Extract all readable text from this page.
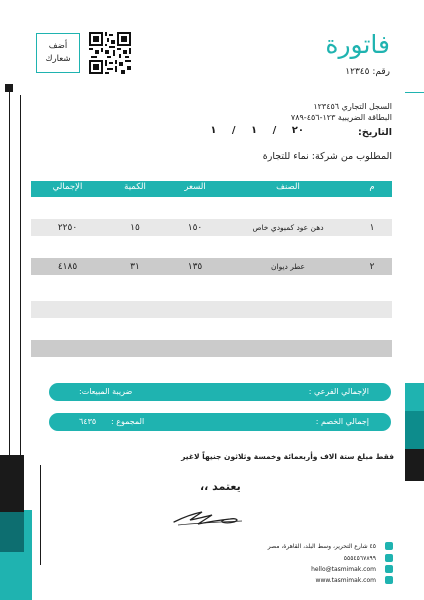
فاتورة
رقم: ١٢٣٤٥
أضف
شعارك
السجل التجاري ١٢٣٤٥٦
البطاقة الضريبية ١٢٣-٤٥٦-٧٨٩
التاريخ:
٢٠ / ١ / ١
المطلوب من شركة: نماء للتجارة
م
الصنف
السعر
الكمية
الإجمالي
١
دهن عود كمبودي خاص
١٥٠
١٥
٢٢٥٠
٢
عطر ديوان
١٣٥
٣١
٤١٨٥
الإجمالي الفرعي :
ضريبة المبيعات:
إجمالي الخصم :
المجموع :
٦٤٣٥
فقط مبلغ ستة الاف وأربعمائة وخمسة وثلاثون جنيهاً لاغير
يعتمد ،،
٤٥ شارع التحرير، وسط البلد، القاهرة، مصر
٥٥٥٤٥٦٧٨٩٩
hello@tasmimak.com
www.tasmimak.com
